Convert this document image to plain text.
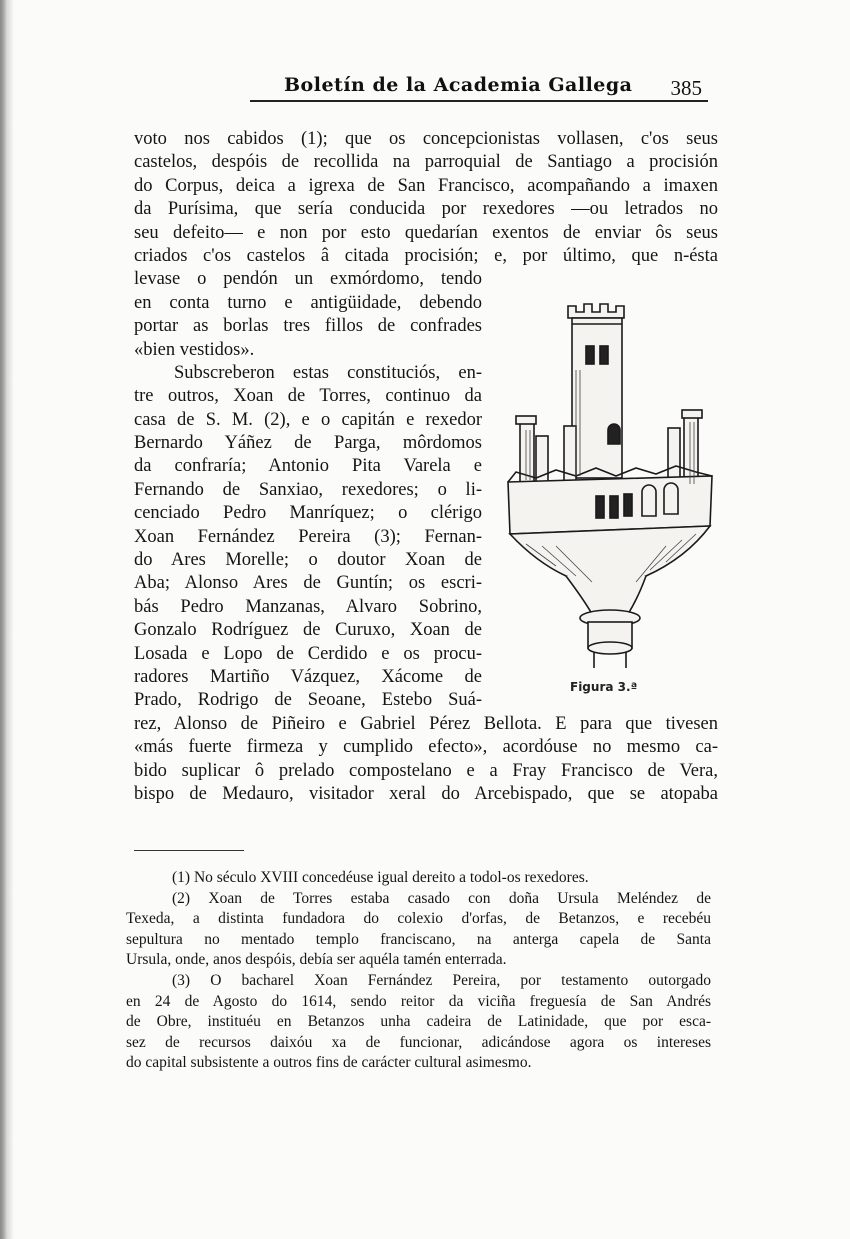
Boletín de la Academia Gallega 385
voto nos cabidos (1); que os concepcionistas vollasen, c'os seus
castelos, despóis de recollida na parroquial de Santiago a procisión
do Corpus, deica a igrexa de San Francisco, acompañando a imaxen
da Purísima, que sería conducida por rexedores —ou letrados no
seu defeito— e non por esto quedarían exentos de enviar ôs seus
criados c'os castelos â citada procisión; e, por último, que n-ésta
levase o pendón un exmórdomo, tendo
en conta turno e antigüidade, debendo
portar as borlas tres fillos de confrades
«bien vestidos».
Subscreberon estas constituciós, en-
tre outros, Xoan de Torres, continuo da
casa de S. M. (2), e o capitán e rexedor
Bernardo Yáñez de Parga, môrdomos
da confraría; Antonio Pita Varela e
Fernando de Sanxiao, rexedores; o li-
cenciado Pedro Manríquez; o clérigo
Xoan Fernández Pereira (3); Fernan-
do Ares Morelle; o doutor Xoan de
Aba; Alonso Ares de Guntín; os escri-
bás Pedro Manzanas, Alvaro Sobrino,
Gonzalo Rodríguez de Curuxo, Xoan de
Losada e Lopo de Cerdido e os procu-
radores Martiño Vázquez, Xácome de
Prado, Rodrigo de Seoane, Estebo Suá-
rez, Alonso de Piñeiro e Gabriel Pérez Bellota. E para que tivesen
«más fuerte firmeza y cumplido efecto», acordóuse no mesmo ca-
bido suplicar ô prelado compostelano e a Fray Francisco de Vera,
bispo de Medauro, visitador xeral do Arcebispado, que se atopaba
Figura 3.ª
(1) No século XVIII concedéuse igual dereito a todol-os rexedores.
(2) Xoan de Torres estaba casado con doña Ursula Meléndez de
Texeda, a distinta fundadora do colexio d'orfas, de Betanzos, e recebéu
sepultura no mentado templo franciscano, na anterga capela de Santa
Ursula, onde, anos despóis, debía ser aquéla tamén enterrada.
(3) O bacharel Xoan Fernández Pereira, por testamento outorgado
en 24 de Agosto do 1614, sendo reitor da viciña freguesía de San Andrés
de Obre, instituéu en Betanzos unha cadeira de Latinidade, que por esca-
sez de recursos daixóu xa de funcionar, adicándose agora os intereses
do capital subsistente a outros fins de carácter cultural asimesmo.
